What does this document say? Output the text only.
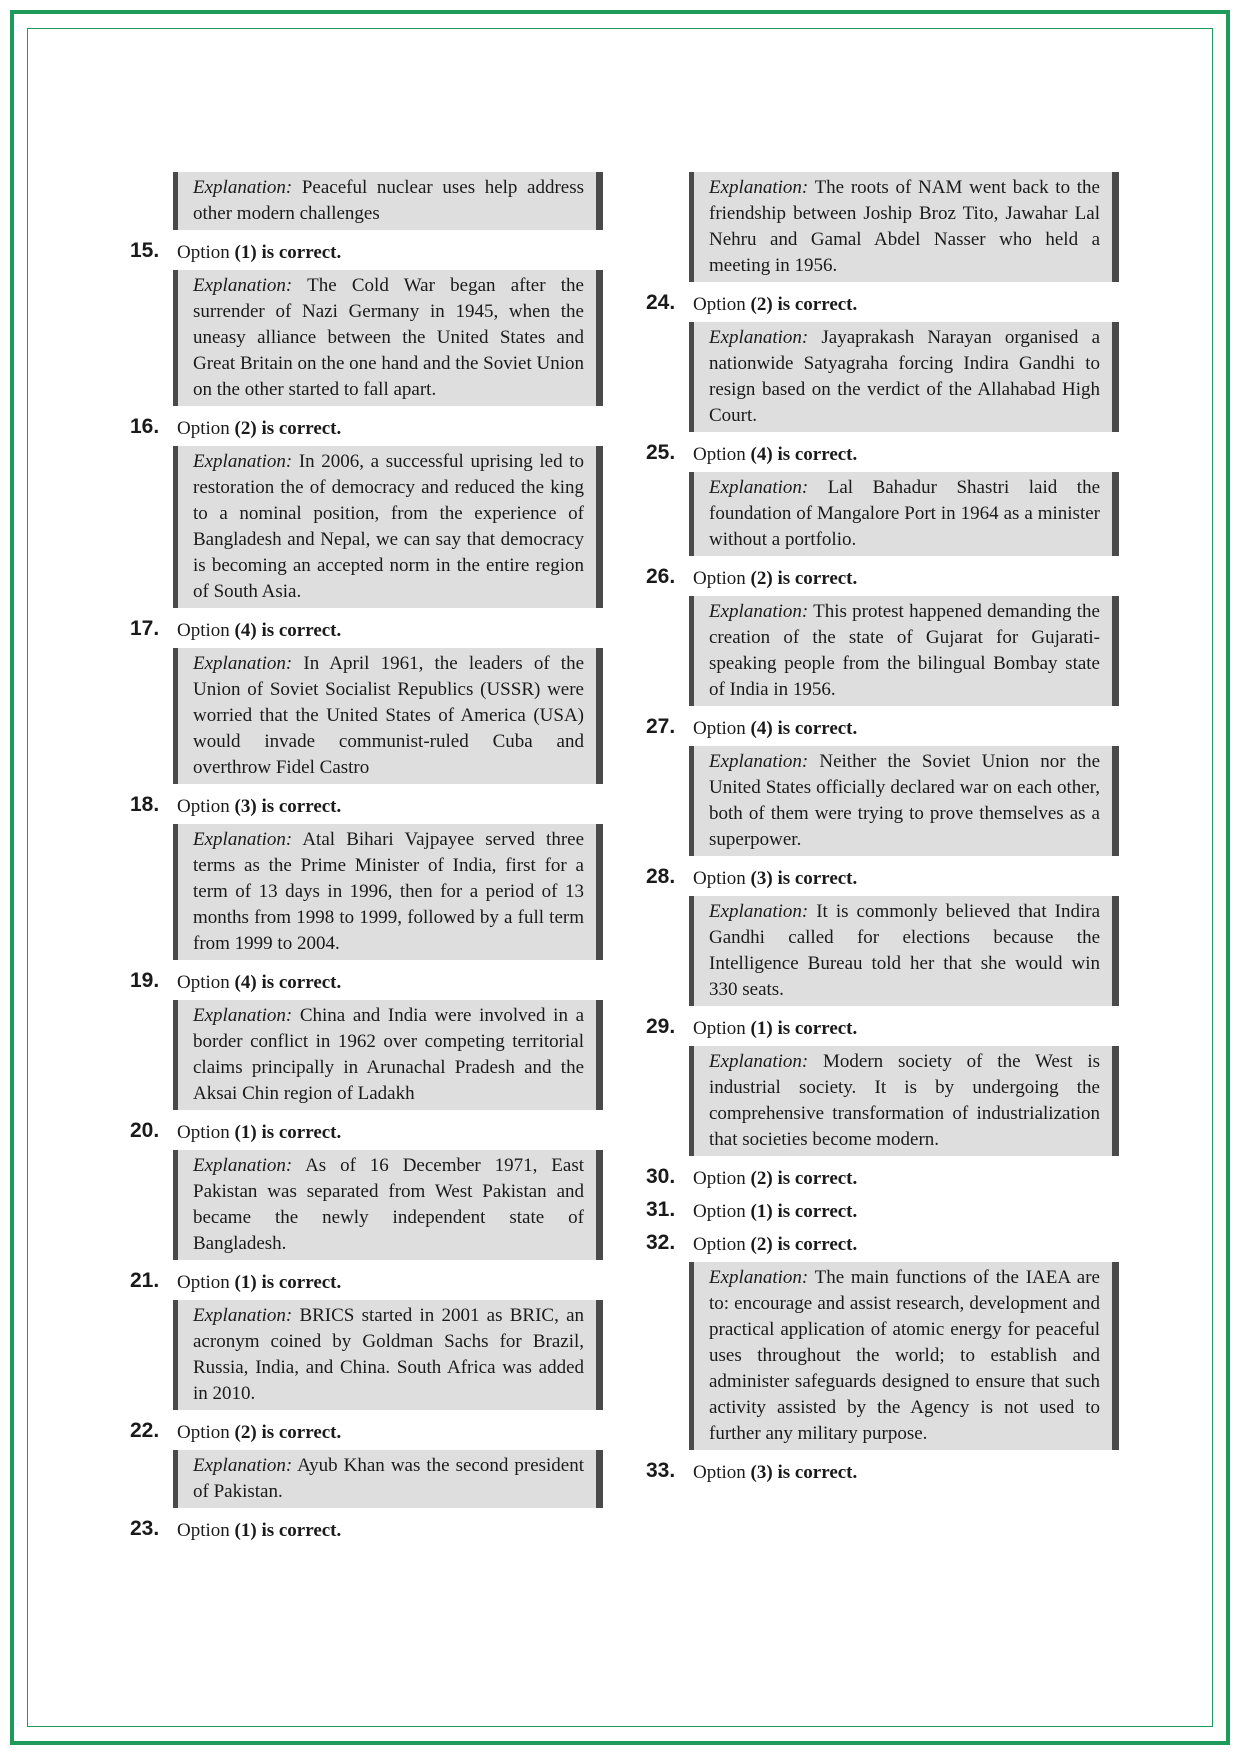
Explanation: Peaceful nuclear uses help address other modern challenges
15. Option (1) is correct.
Explanation: The Cold War began after the surrender of Nazi Germany in 1945, when the uneasy alliance between the United States and Great Britain on the one hand and the Soviet Union on the other started to fall apart.
16. Option (2) is correct.
Explanation: In 2006, a successful uprising led to restoration the of democracy and reduced the king to a nominal position, from the experience of Bangladesh and Nepal, we can say that democracy is becoming an accepted norm in the entire region of South Asia.
17. Option (4) is correct.
Explanation: In April 1961, the leaders of the Union of Soviet Socialist Republics (USSR) were worried that the United States of America (USA) would invade communist-ruled Cuba and overthrow Fidel Castro
18. Option (3) is correct.
Explanation: Atal Bihari Vajpayee served three terms as the Prime Minister of India, first for a term of 13 days in 1996, then for a period of 13 months from 1998 to 1999, followed by a full term from 1999 to 2004.
19. Option (4) is correct.
Explanation: China and India were involved in a border conflict in 1962 over competing territorial claims principally in Arunachal Pradesh and the Aksai Chin region of Ladakh
20. Option (1) is correct.
Explanation: As of 16 December 1971, East Pakistan was separated from West Pakistan and became the newly independent state of Bangladesh.
21. Option (1) is correct.
Explanation: BRICS started in 2001 as BRIC, an acronym coined by Goldman Sachs for Brazil, Russia, India, and China. South Africa was added in 2010.
22. Option (2) is correct.
Explanation: Ayub Khan was the second president of Pakistan.
23. Option (1) is correct.
Explanation: The roots of NAM went back to the friendship between Joship Broz Tito, Jawahar Lal Nehru and Gamal Abdel Nasser who held a meeting in 1956.
24. Option (2) is correct.
Explanation: Jayaprakash Narayan organised a nationwide Satyagraha forcing Indira Gandhi to resign based on the verdict of the Allahabad High Court.
25. Option (4) is correct.
Explanation: Lal Bahadur Shastri laid the foundation of Mangalore Port in 1964 as a minister without a portfolio.
26. Option (2) is correct.
Explanation: This protest happened demanding the creation of the state of Gujarat for Gujarati-speaking people from the bilingual Bombay state of India in 1956.
27. Option (4) is correct.
Explanation: Neither the Soviet Union nor the United States officially declared war on each other, both of them were trying to prove themselves as a superpower.
28. Option (3) is correct.
Explanation: It is commonly believed that Indira Gandhi called for elections because the Intelligence Bureau told her that she would win 330 seats.
29. Option (1) is correct.
Explanation: Modern society of the West is industrial society. It is by undergoing the comprehensive transformation of industrialization that societies become modern.
30. Option (2) is correct.
31. Option (1) is correct.
32. Option (2) is correct.
Explanation: The main functions of the IAEA are to: encourage and assist research, development and practical application of atomic energy for peaceful uses throughout the world; to establish and administer safeguards designed to ensure that such activity assisted by the Agency is not used to further any military purpose.
33. Option (3) is correct.
